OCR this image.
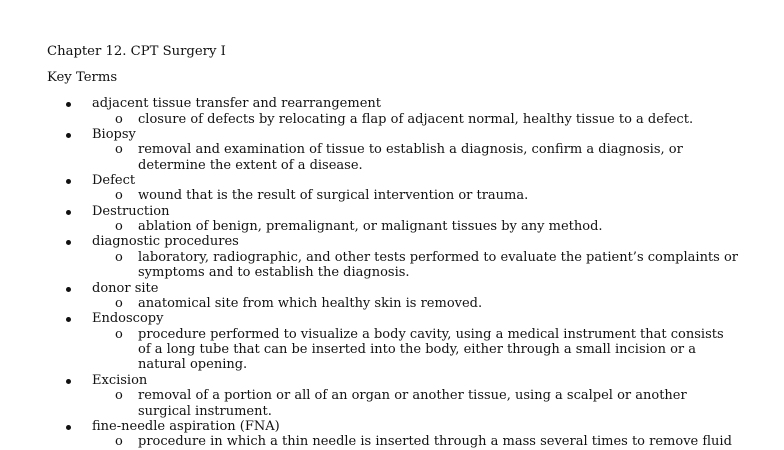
Chapter 12. CPT Surgery I
Key Terms
adjacent tissue transfer and rearrangement
o closure of defects by relocating a flap of adjacent normal, healthy tissue to a defect.
Biopsy
o removal and examination of tissue to establish a diagnosis, confirm a diagnosis, or determine the extent of a disease.
Defect
o wound that is the result of surgical intervention or trauma.
Destruction
o ablation of benign, premalignant, or malignant tissues by any method.
diagnostic procedures
o laboratory, radiographic, and other tests performed to evaluate the patient’s complaints or symptoms and to establish the diagnosis.
donor site
o anatomical site from which healthy skin is removed.
Endoscopy
o procedure performed to visualize a body cavity, using a medical instrument that consists of a long tube that can be inserted into the body, either through a small incision or a natural opening.
Excision
o removal of a portion or all of an organ or another tissue, using a scalpel or another surgical instrument.
fine-needle aspiration (FNA)
o procedure in which a thin needle is inserted through a mass several times to remove fluid
